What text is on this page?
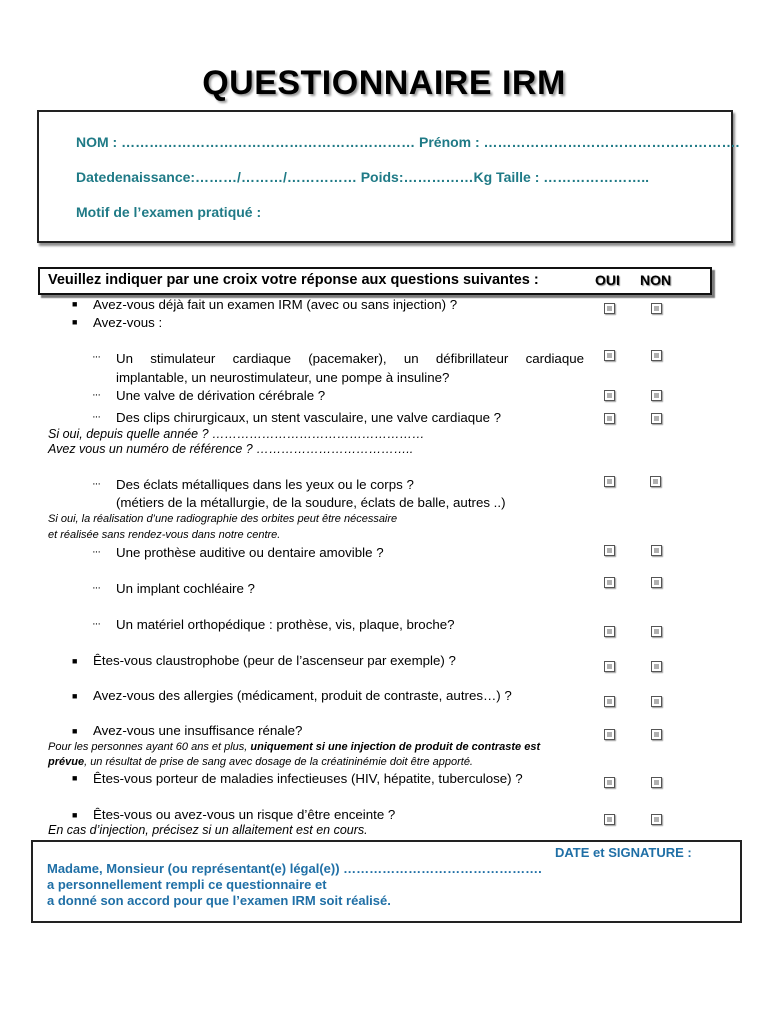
QUESTIONNAIRE IRM
NOM : ……………………………………………………… Prénom : ……………………………………………….
Datedenaissance:………/………/…………… Poids:……………Kg Taille : …………………..
Motif de l’examen pratiqué :
Veuillez indiquer par une croix votre réponse aux questions suivantes :	OUI NON
■ Avez-vous déjà fait un examen IRM (avec ou sans injection) ?
■ Avez-vous :
··· Un stimulateur cardiaque (pacemaker), un défibrillateur cardiaque
implantable, un neurostimulateur, une pompe à insuline?
··· Une valve de dérivation cérébrale ?
··· Des clips chirurgicaux, un stent vasculaire, une valve cardiaque ?
Si oui, depuis quelle année ? ……………………………………………
Avez vous un numéro de référence ? ………………………………..
··· Des éclats métalliques dans les yeux ou le corps ?
(métiers de la métallurgie, de la soudure, éclats de balle, autres ..)
Si oui, la réalisation d’une radiographie des orbites peut être nécessaire
et réalisée sans rendez-vous dans notre centre.
··· Une prothèse auditive ou dentaire amovible ?
··· Un implant cochléaire ?
··· Un matériel orthopédique : prothèse, vis, plaque, broche?
■ Êtes-vous claustrophobe (peur de l’ascenseur par exemple) ?
■ Avez-vous des allergies (médicament, produit de contraste, autres…) ?
■ Avez-vous une insuffisance rénale?
Pour les personnes ayant 60 ans et plus, uniquement si une injection de produit de contraste est
prévue, un résultat de prise de sang avec dosage de la créatininémie doit être apporté.
■ Êtes-vous porteur de maladies infectieuses (HIV, hépatite, tuberculose) ?
■ Êtes-vous ou avez-vous un risque d’être enceinte ?
En cas d’injection, précisez si un allaitement est en cours.
DATE et SIGNATURE :
Madame, Monsieur (ou représentant(e) légal(e)) ……………………………………….
a personnellement rempli ce questionnaire et
a donné son accord pour que l’examen IRM soit réalisé.
